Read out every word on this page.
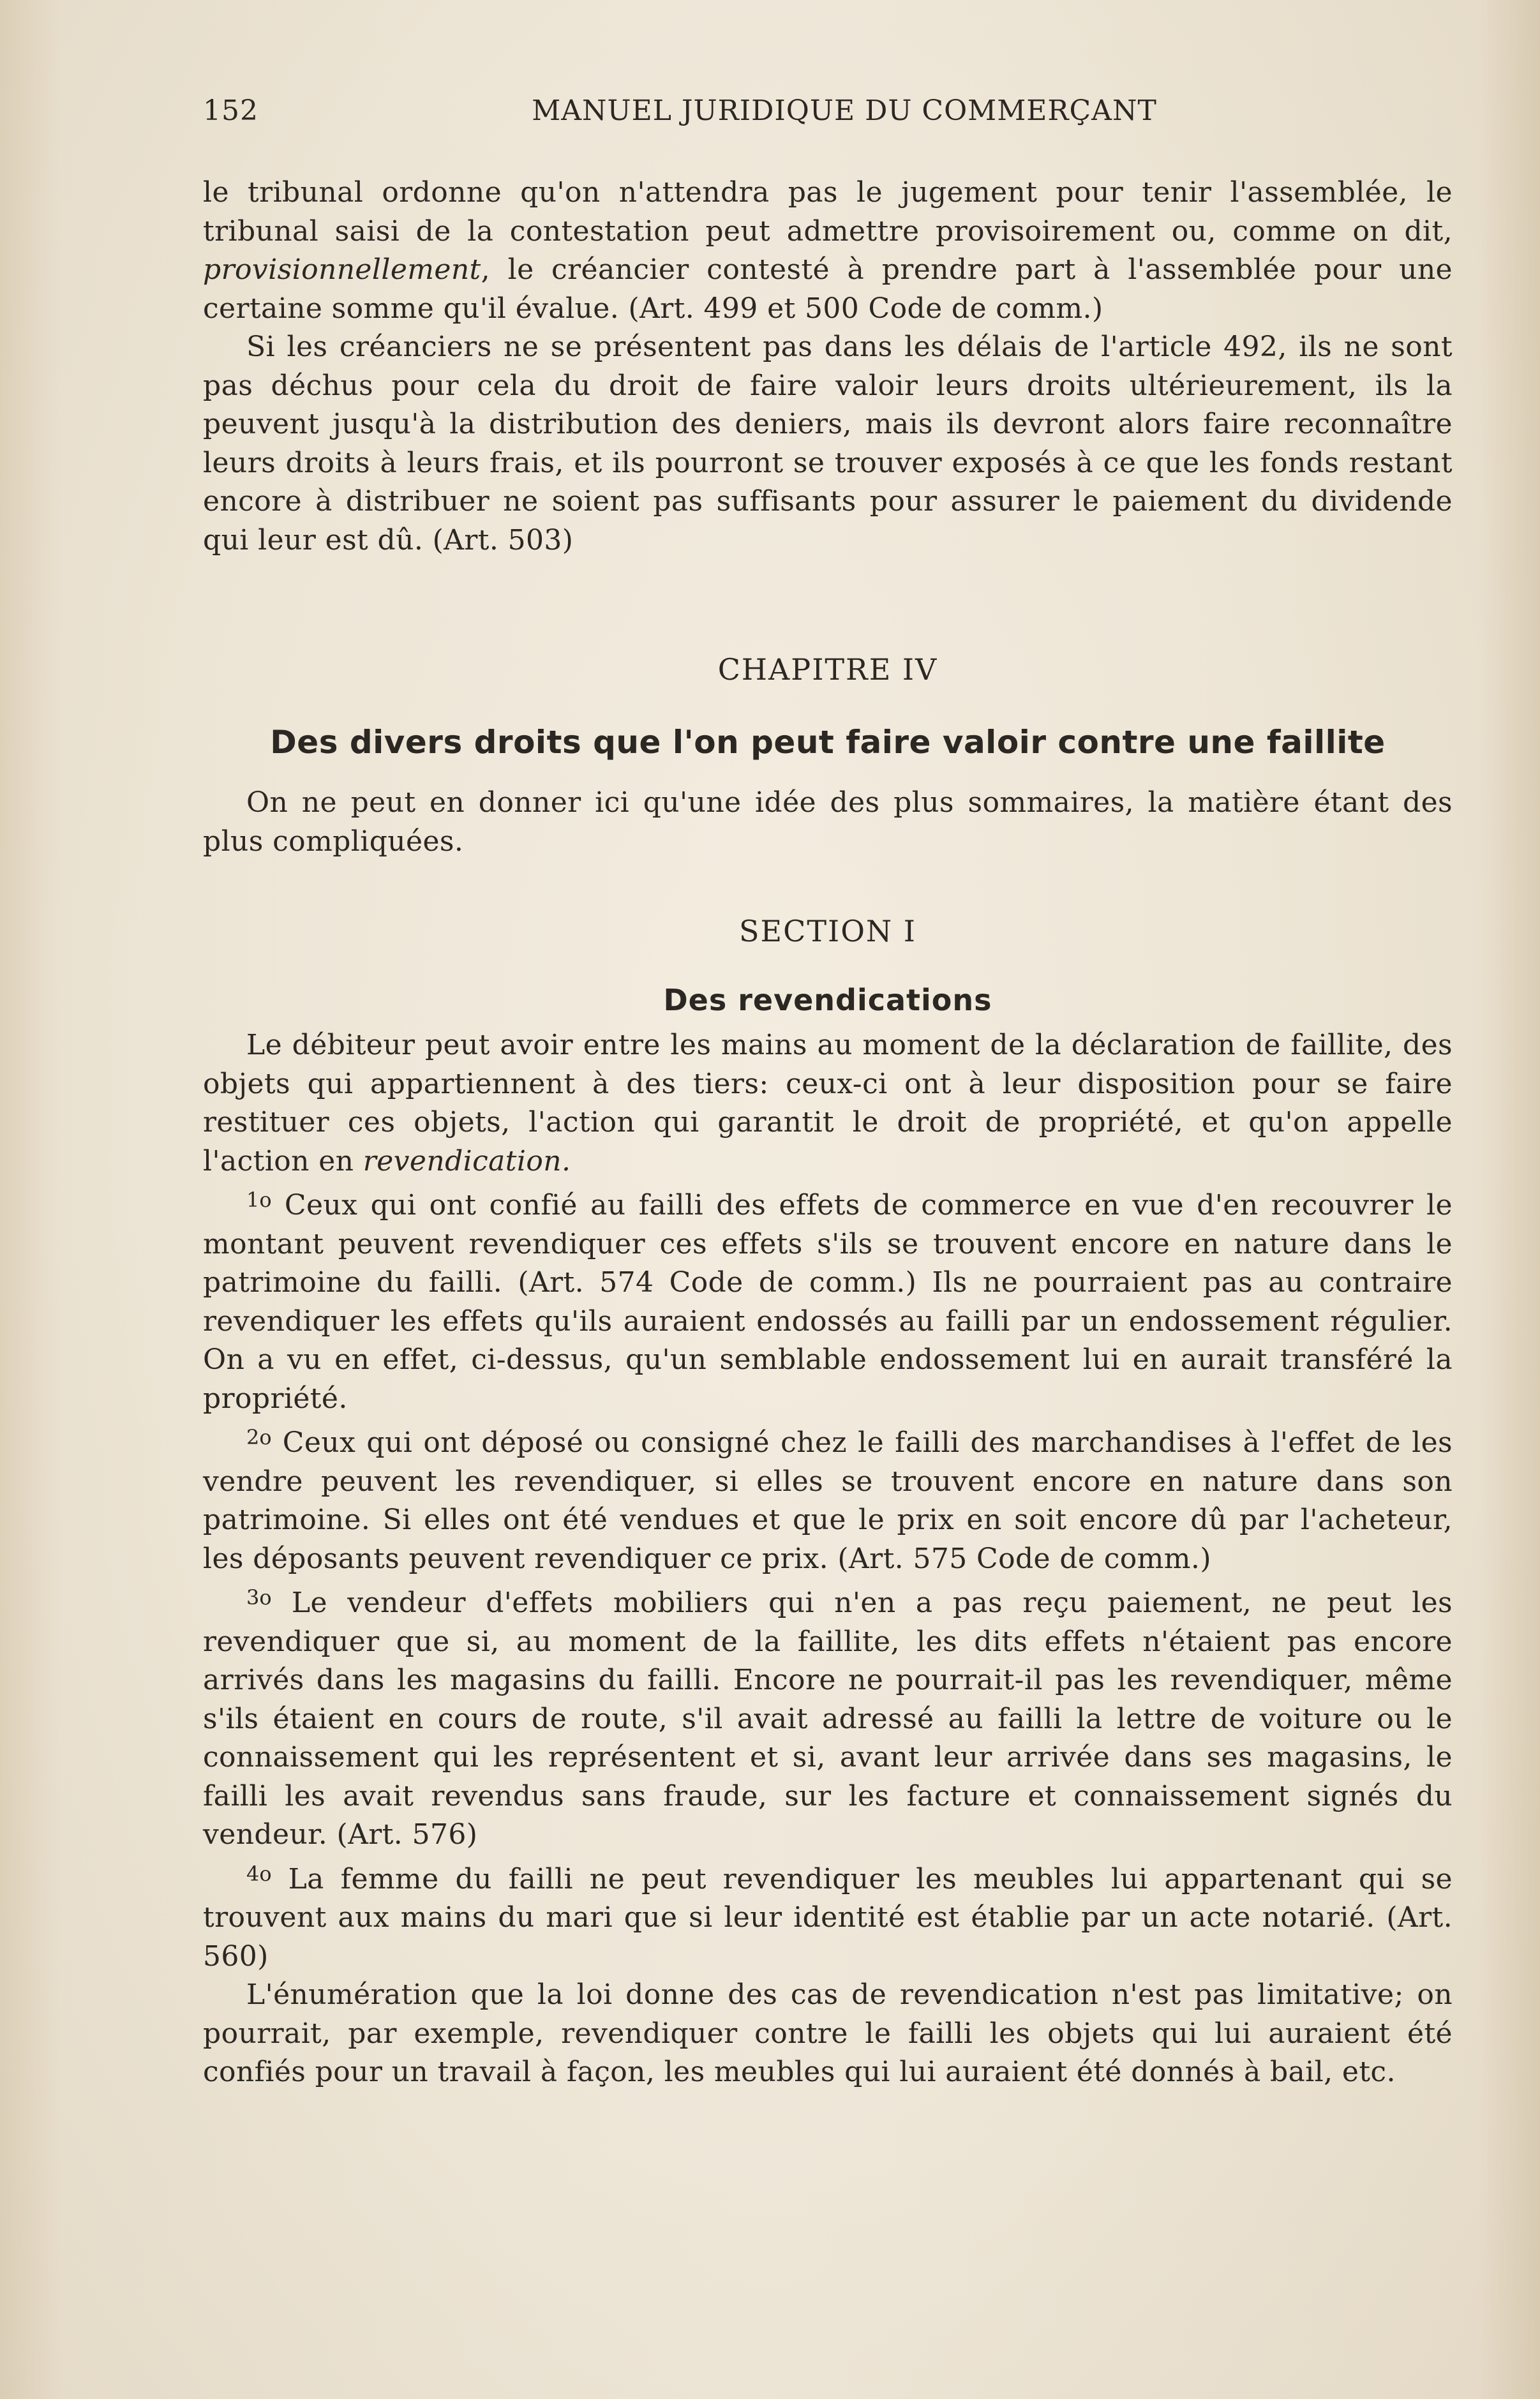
152	MANUEL JURIDIQUE DU COMMERÇANT

le tribunal ordonne qu'on n'attendra pas le jugement pour tenir l'assemblée, le tribunal saisi de la contestation peut admettre provisoirement ou, comme on dit, provisionnellement, le créancier contesté à prendre part à l'assemblée pour une certaine somme qu'il évalue. (Art. 499 et 500 Code de comm.)

Si les créanciers ne se présentent pas dans les délais de l'article 492, ils ne sont pas déchus pour cela du droit de faire valoir leurs droits ultérieurement, ils la peuvent jusqu'à la distribution des deniers, mais ils devront alors faire reconnaître leurs droits à leurs frais, et ils pourront se trouver exposés à ce que les fonds restant encore à distribuer ne soient pas suffisants pour assurer le paiement du dividende qui leur est dû. (Art. 503)

CHAPITRE IV
Des divers droits que l'on peut faire valoir contre une faillite

On ne peut en donner ici qu'une idée des plus sommaires, la matière étant des plus compliquées.

SECTION I
Des revendications

Le débiteur peut avoir entre les mains au moment de la déclaration de faillite, des objets qui appartiennent à des tiers: ceux-ci ont à leur disposition pour se faire restituer ces objets, l'action qui garantit le droit de propriété, et qu'on appelle l'action en revendication.

$^{1o}$ Ceux qui ont confié au failli des effets de commerce en vue d'en recouvrer le montant peuvent revendiquer ces effets s'ils se trouvent encore en nature dans le patrimoine du failli. (Art. 574 Code de comm.) Ils ne pourraient pas au contraire revendiquer les effets qu'ils auraient endossés au failli par un endossement régulier. On a vu en effet, ci-dessus, qu'un semblable endossement lui en aurait transféré la propriété.

$^{2o}$ Ceux qui ont déposé ou consigné chez le failli des marchandises à l'effet de les vendre peuvent les revendiquer, si elles se trouvent encore en nature dans son patrimoine. Si elles ont été vendues et que le prix en soit encore dû par l'acheteur, les déposants peuvent revendiquer ce prix. (Art. 575 Code de comm.)

$^{3o}$ Le vendeur d'effets mobiliers qui n'en a pas reçu paiement, ne peut les revendiquer que si, au moment de la faillite, les dits effets n'étaient pas encore arrivés dans les magasins du failli. Encore ne pourrait-il pas les revendiquer, même s'ils étaient en cours de route, s'il avait adressé au failli la lettre de voiture ou le connaissement qui les représentent et si, avant leur arrivée dans ses magasins, le failli les avait revendus sans fraude, sur les facture et connaissement signés du vendeur. (Art. 576)

$^{4o}$ La femme du failli ne peut revendiquer les meubles lui appartenant qui se trouvent aux mains du mari que si leur identité est établie par un acte notarié. (Art. 560)

L'énumération que la loi donne des cas de revendication n'est pas limitative; on pourrait, par exemple, revendiquer contre le failli les objets qui lui auraient été confiés pour un travail à façon, les meubles qui lui auraient été donnés à bail, etc.
